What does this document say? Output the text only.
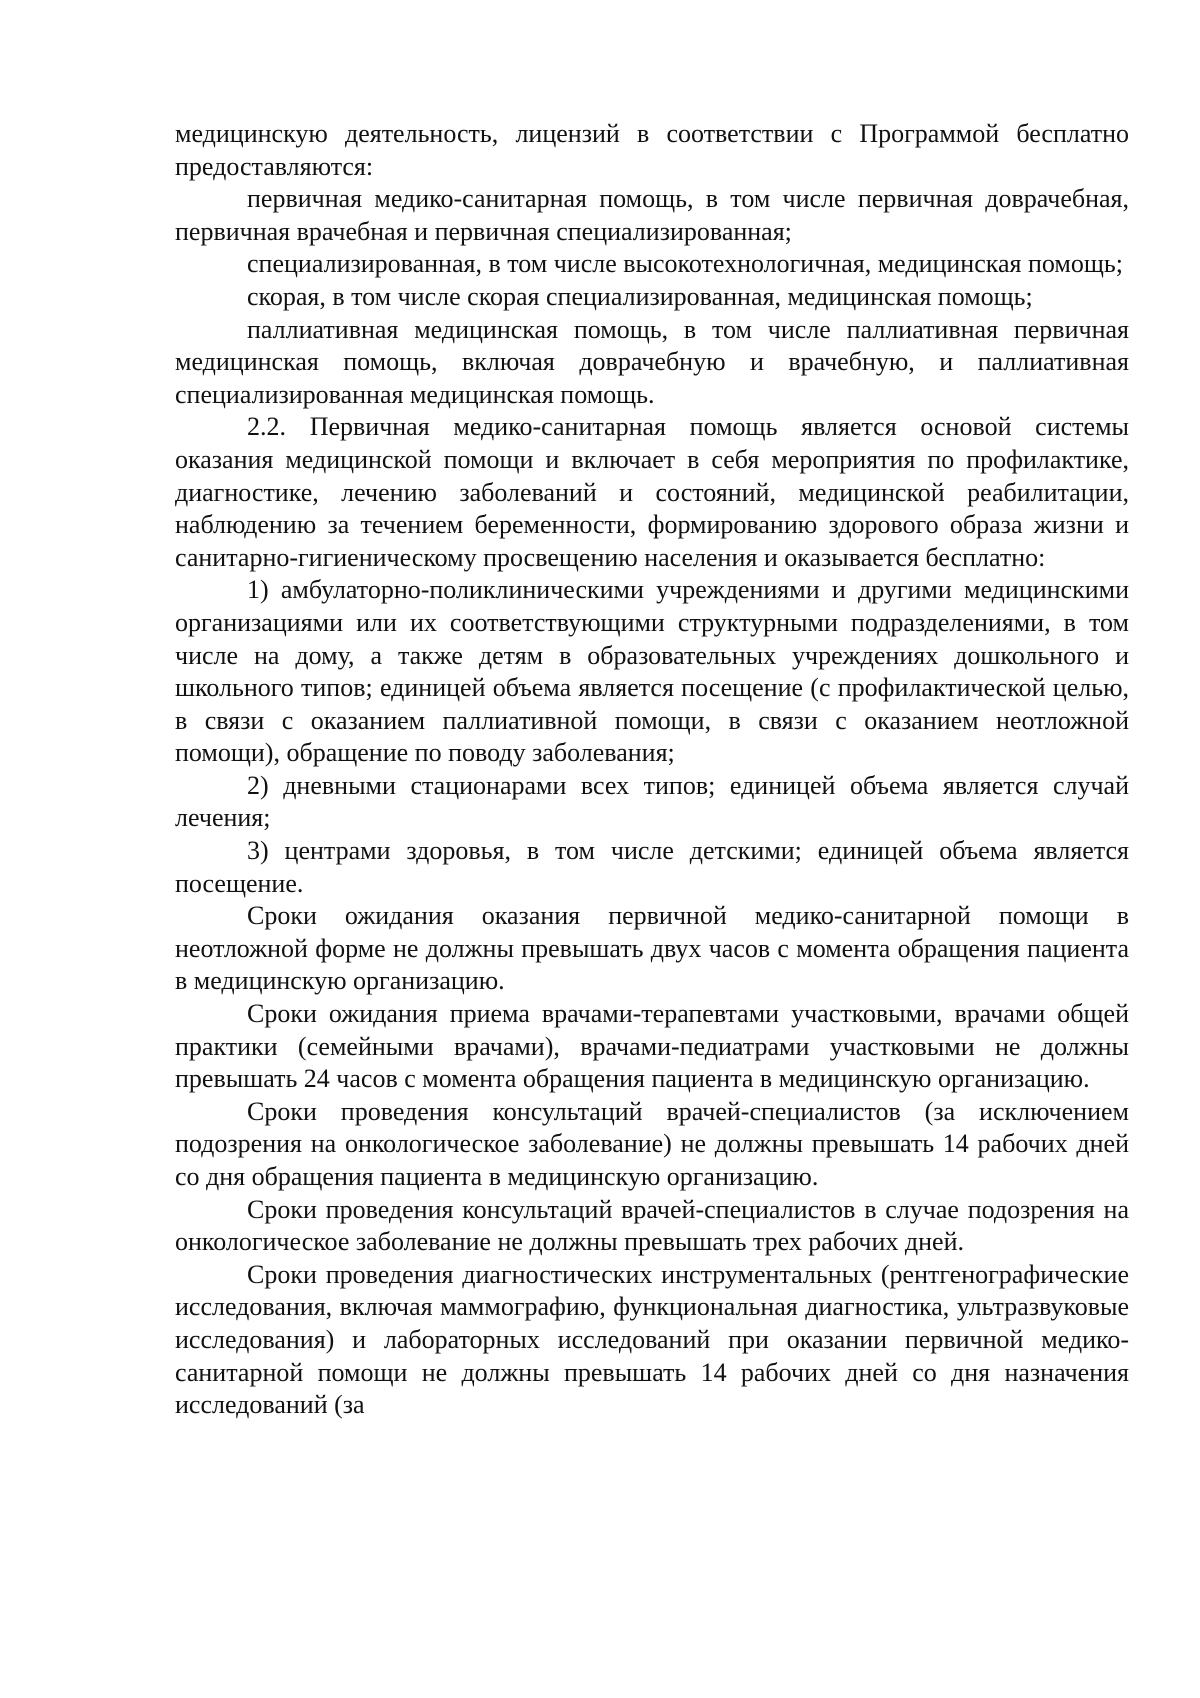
медицинскую деятельность, лицензий в соответствии с Программой бесплатно предоставляются:

первичная медико-санитарная помощь, в том числе первичная доврачебная, первичная врачебная и первичная специализированная;

специализированная, в том числе высокотехнологичная, медицинская помощь;

скорая, в том числе скорая специализированная, медицинская помощь;

паллиативная медицинская помощь, в том числе паллиативная первичная медицинская помощь, включая доврачебную и врачебную, и паллиативная специализированная медицинская помощь.

2.2. Первичная медико-санитарная помощь является основой системы оказания медицинской помощи и включает в себя мероприятия по профилактике, диагностике, лечению заболеваний и состояний, медицинской реабилитации, наблюдению за течением беременности, формированию здорового образа жизни и санитарно-гигиеническому просвещению населения и оказывается бесплатно:

1) амбулаторно-поликлиническими учреждениями и другими медицинскими организациями или их соответствующими структурными подразделениями, в том числе на дому, а также детям в образовательных учреждениях дошкольного и школьного типов; единицей объема является посещение (с профилактической целью, в связи с оказанием паллиативной помощи, в связи с оказанием неотложной помощи), обращение по поводу заболевания;

2) дневными стационарами всех типов; единицей объема является случай лечения;

3) центрами здоровья, в том числе детскими; единицей объема является посещение.

Сроки ожидания оказания первичной медико-санитарной помощи в неотложной форме не должны превышать двух часов с момента обращения пациента в медицинскую организацию.

Сроки ожидания приема врачами-терапевтами участковыми, врачами общей практики (семейными врачами), врачами-педиатрами участковыми не должны превышать 24 часов с момента обращения пациента в медицинскую организацию.

Сроки проведения консультаций врачей-специалистов (за исключением подозрения на онкологическое заболевание) не должны превышать 14 рабочих дней со дня обращения пациента в медицинскую организацию.

Сроки проведения консультаций врачей-специалистов в случае подозрения на онкологическое заболевание не должны превышать трех рабочих дней.

Сроки проведения диагностических инструментальных (рентгенографические исследования, включая маммографию, функциональная диагностика, ультразвуковые исследования) и лабораторных исследований при оказании первичной медико-санитарной помощи не должны превышать 14 рабочих дней со дня назначения исследований (за
